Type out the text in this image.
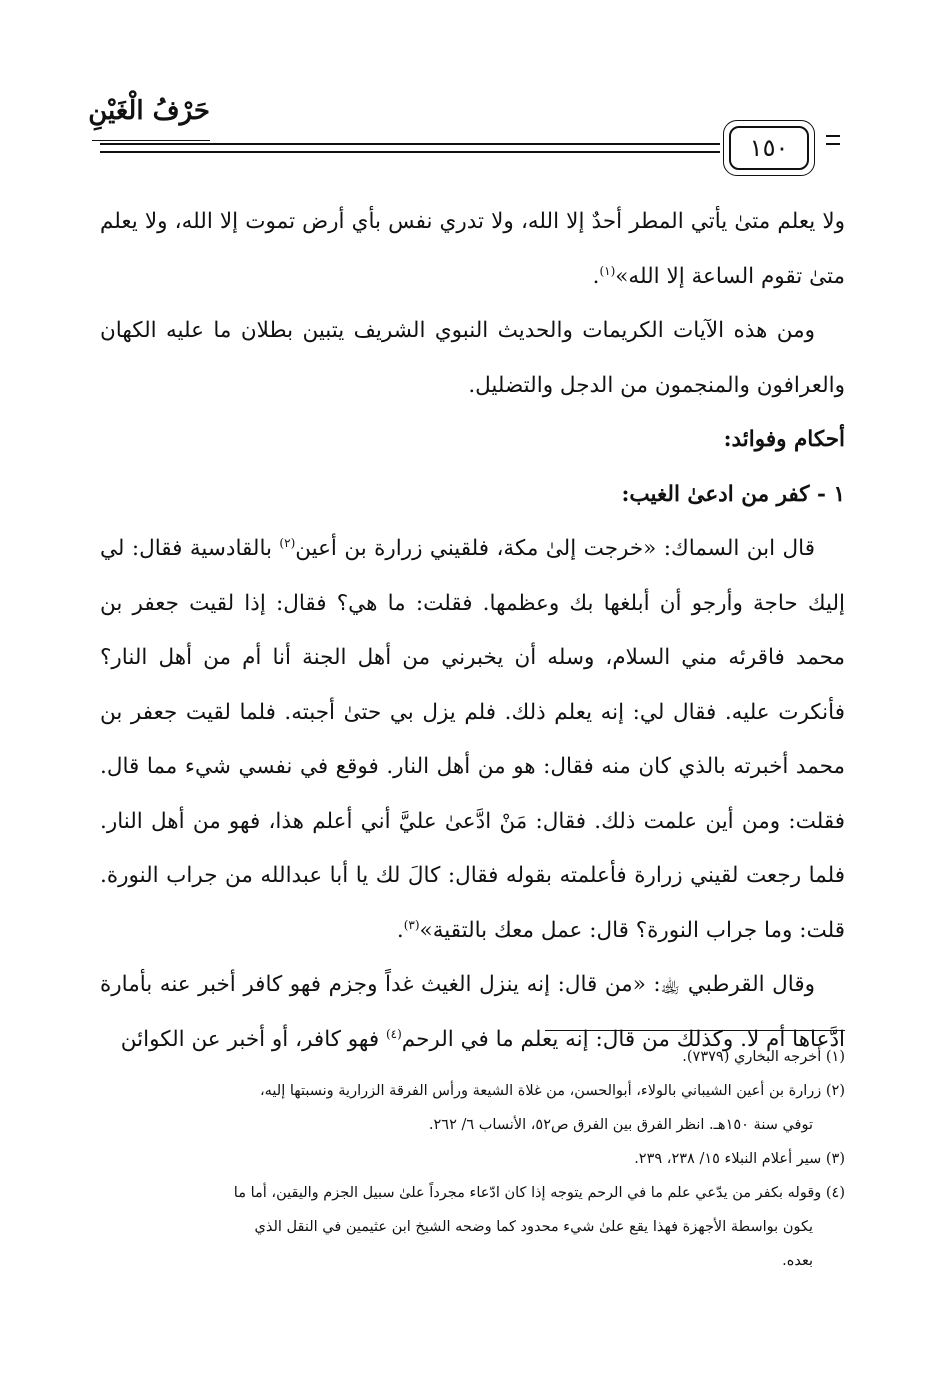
حَرْفُ الْغَيْنِ
١٥٠

ولا يعلم متىٰ يأتي المطر أحدٌ إلا الله، ولا تدري نفس بأي أرض تموت إلا الله، ولا يعلم متىٰ تقوم الساعة إلا الله»$^{(١)}$.

ومن هذه الآيات الكريمات والحديث النبوي الشريف يتبين بطلان ما عليه الكهان والعرافون والمنجمون من الدجل والتضليل.

أحكام وفوائد:

١ - كفر من ادعىٰ الغيب:

قال ابن السماك: «خرجت إلىٰ مكة، فلقيني زرارة بن أعين$^{(٢)}$ بالقادسية فقال: لي إليك حاجة وأرجو أن أبلغها بك وعظمها. فقلت: ما هي؟ فقال: إذا لقيت جعفر بن محمد فاقرئه مني السلام، وسله أن يخبرني من أهل الجنة أنا أم من أهل النار؟ فأنكرت عليه. فقال لي: إنه يعلم ذلك. فلم يزل بي حتىٰ أجبته. فلما لقيت جعفر بن محمد أخبرته بالذي كان منه فقال: هو من أهل النار. فوقع في نفسي شيء مما قال. فقلت: ومن أين علمت ذلك. فقال: مَنْ ادَّعىٰ عليَّ أني أعلم هذا، فهو من أهل النار. فلما رجعت لقيني زرارة فأعلمته بقوله فقال: كالَ لك يا أبا عبدالله من جراب النورة. قلت: وما جراب النورة؟ قال: عمل معك بالتقية»$^{(٣)}$.

وقال القرطبي ﵀: «من قال: إنه ينزل الغيث غداً وجزم فهو كافر أخبر عنه بأمارة ادَّعاها أم لا. وكذلك من قال: إنه يعلم ما في الرحم$^{(٤)}$ فهو كافر، أو أخبر عن الكوائن

(١) أخرجه البخاري (٧٣٧٩).

(٢) زرارة بن أعين الشيباني بالولاء، أبوالحسن، من غلاة الشيعة ورأس الفرقة الزرارية ونسبتها إليه،

توفي سنة ١٥٠هـ. انظر الفرق بين الفرق ص٥٢، الأنساب ٦/ ٢٦٢.

(٣) سير أعلام النبلاء ١٥/ ٢٣٨، ٢٣٩.

(٤) وقوله بكفر من يدّعي علم ما في الرحم يتوجه إذا كان ادّعاء مجرداً علىٰ سبيل الجزم واليقين، أما ما

يكون بواسطة الأجهزة فهذا يقع علىٰ شيء محدود كما وضحه الشيخ ابن عثيمين في النقل الذي

بعده.
